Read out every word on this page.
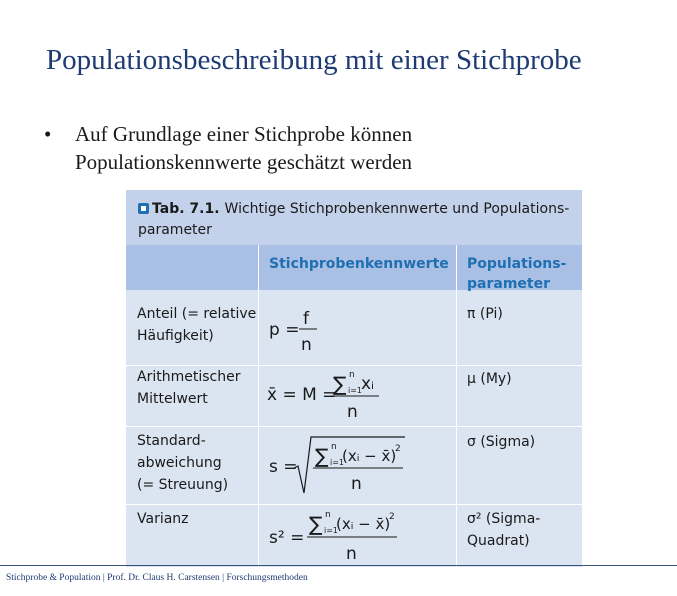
Populationsbeschreibung mit einer Stichprobe
• Auf Grundlage einer Stichprobe können
Populationskennwerte geschätzt werden
Tab. 7.1. Wichtige Stichprobenkennwerte und Populations-
parameter
Stichprobenkennwerte Populations-
parameter
Anteil (= relative
Häufigkeit)	p =
f
n
π (Pi)
Arithmetischer
Mittelwert	x̄ = M =
∑ n
i=1
xᵢ
n
μ (My)
Standard-
abweichung
(= Streuung)
s = ∑ n
i=1
(xᵢ − x̄)
2
n
σ (Sigma)
Varianz
s² =
∑ n
i=1
(xᵢ − x̄)
2
n
σ² (Sigma-
Quadrat)
Stichprobe & Population | Prof. Dr. Claus H. Carstensen | Forschungsmethoden
